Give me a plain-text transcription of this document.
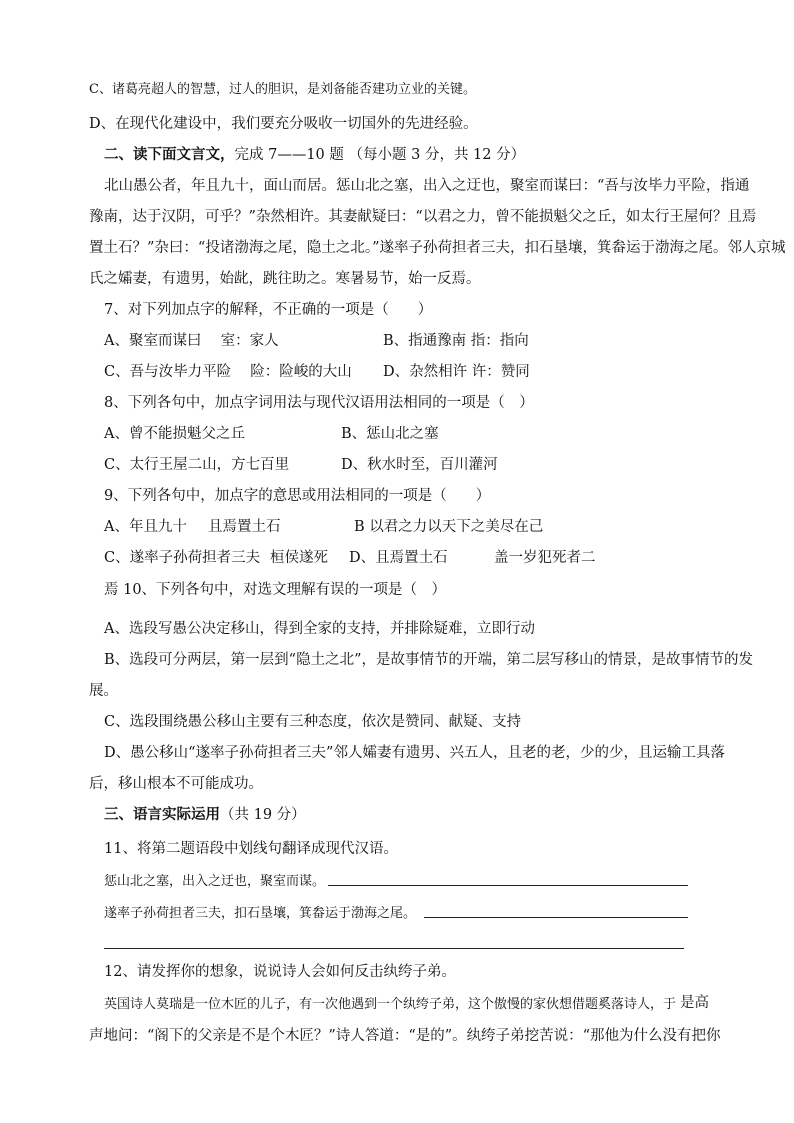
C、诸葛亮超人的智慧，过人的胆识，是刘备能否建功立业的关键。
D、在现代化建设中，我们要充分吸收一切国外的先进经验。
二、读下面文言文，完成 7——10 题 （每小题 3 分，共 12 分）
北山愚公者，年且九十，面山而居。惩山北之塞，出入之迂也，聚室而谋曰：“吾与汝毕力平险，指通
豫南，达于汉阴，可乎？”杂然相许。其妻献疑曰：“以君之力，曾不能损魁父之丘，如太行王屋何？且焉
置土石？”杂曰：“投诸渤海之尾，隐土之北。”遂率子孙荷担者三夫，扣石垦壤，箕畚运于渤海之尾。邻人京城
氏之孀妻，有遗男，始龀，跳往助之。寒暑易节，始一反焉。
7、对下列加点字的解释，不正确的一项是（　　）
A、聚室而谋曰　 室：家人	B、指通豫南 指：指向
C、吾与汝毕力平险　 险：险峻的大山 D、杂然相许 许：赞同
8、下列各句中，加点字词用法与现代汉语用法相同的一项是（　）
A、曾不能损魁父之丘	B、惩山北之塞
C、太行王屋二山，方七百里	D、秋水时至，百川灌河
9、下列各句中，加点字的意思或用法相同的一项是（　　）
A、年且九十 且焉置土石	B 以君之力以天下之美尽在己
C、遂率子孙荷担者三夫 桓侯遂死 D、且焉置土石	盖一岁犯死者二
焉 10、下列各句中，对选文理解有误的一项是（　）
A、选段写愚公决定移山，得到全家的支持，并排除疑难，立即行动
B、选段可分两层，第一层到“隐土之北”，是故事情节的开端，第二层写移山的情景，是故事情节的发
展。
C、选段围绕愚公移山主要有三种态度，依次是赞同、献疑、支持
D、愚公移山“遂率子孙荷担者三夫”邻人孀妻有遗男、兴五人，且老的老，少的少，且运输工具落
后，移山根本不可能成功。
三、语言实际运用（共 19 分）
11、将第二题语段中划线句翻译成现代汉语。
惩山北之塞，出入之迂也，聚室而谋。
遂率子孙荷担者三夫，扣石垦壤，箕畚运于渤海之尾。
12、请发挥你的想象，说说诗人会如何反击纨绔子弟。
英国诗人莫瑞是一位木匠的儿子，有一次他遇到一个纨绔子弟，这个傲慢的家伙想借题奚落诗人，于 是高
声地问：“阁下的父亲是不是个木匠？”诗人答道：“是的”。纨绔子弟挖苦说：“那他为什么没有把你
